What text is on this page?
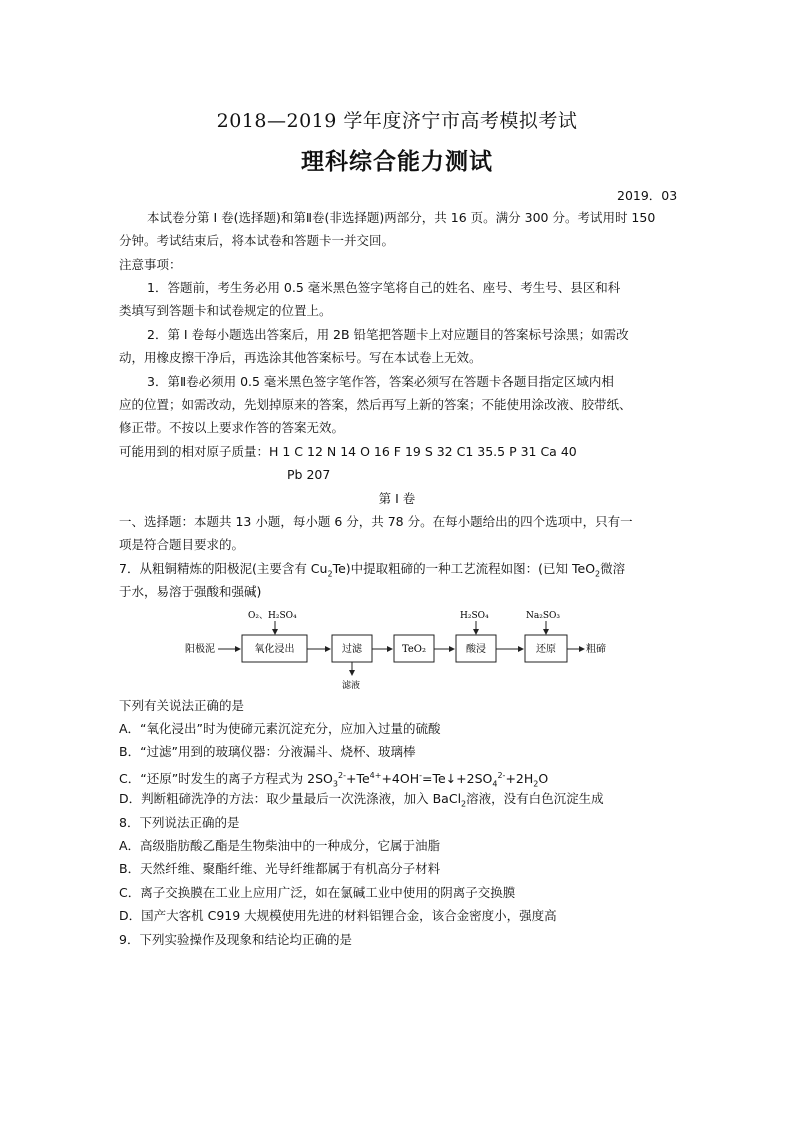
2018—2019 学年度济宁市高考模拟考试
理科综合能力测试
2019．03
本试卷分第 I 卷(选择题)和第Ⅱ卷(非选择题)两部分，共 16 页。满分 300 分。考试用时 150
分钟。考试结束后，将本试卷和答题卡一并交回。
注意事项：
1．答题前，考生务必用 0.5 毫米黑色签字笔将自己的姓名、座号、考生号、县区和科
类填写到答题卡和试卷规定的位置上。
2．第 I 卷每小题选出答案后，用 2B 铅笔把答题卡上对应题目的答案标号涂黑；如需改
动，用橡皮擦干净后，再选涂其他答案标号。写在本试卷上无效。
3．第Ⅱ卷必须用 0.5 毫米黑色签字笔作答，答案必须写在答题卡各题目指定区域内相
应的位置；如需改动，先划掉原来的答案，然后再写上新的答案；不能使用涂改液、胶带纸、
修正带。不按以上要求作答的答案无效。
可能用到的相对原子质量：H 1 C 12 N 14 O 16 F 19 S 32 C1 35.5 P 31 Ca 40
Pb 207
第 I 卷
一、选择题：本题共 13 小题，每小题 6 分，共 78 分。在每小题给出的四个选项中，只有一
项是符合题目要求的。
7．从粗铜精炼的阳极泥(主要含有 $Cu_2Te$)中提取粗碲的一种工艺流程如图：(已知 TeO$_2$微溶
于水，易溶于强酸和强碱)
阳极泥
O₂、H₂SO₄
氧化浸出	过滤
滤液
TeO₂
H₂SO₄
酸浸
Na₂SO₃
还原	粗碲
下列有关说法正确的是
A．“氧化浸出”时为使碲元素沉淀充分，应加入过量的硫酸
B．“过滤”用到的玻璃仪器：分液漏斗、烧杯、玻璃棒
C．“还原”时发生的离子方程式为 $2SO_3^{2-}+Te^{4+}+4OH^-=Te↓+2SO_4^{2-}+2H_2O$
D．判断粗碲洗净的方法：取少量最后一次洗涤液，加入 BaCl$_2$溶液，没有白色沉淀生成
8．下列说法正确的是
A．高级脂肪酸乙酯是生物柴油中的一种成分，它属于油脂
B．天然纤维、聚酯纤维、光导纤维都属于有机高分子材料
C．离子交换膜在工业上应用广泛，如在氯碱工业中使用的阴离子交换膜
D．国产大客机 C919 大规模使用先进的材料铝锂合金，该合金密度小，强度高
9．下列实验操作及现象和结论均正确的是
